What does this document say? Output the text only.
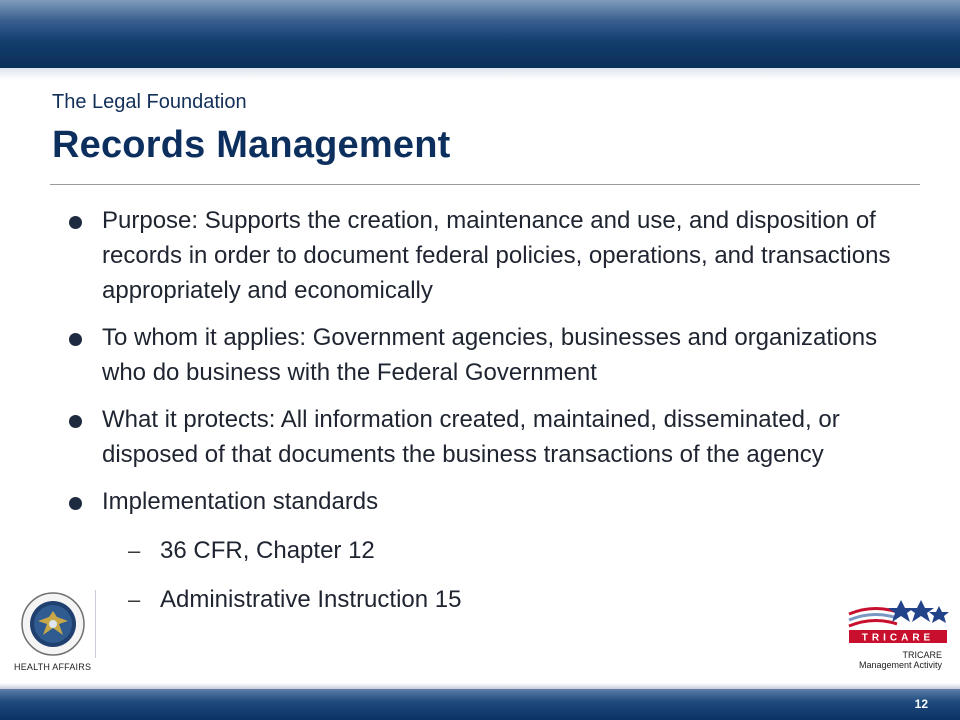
The Legal Foundation
Records Management
Purpose: Supports the creation, maintenance and use, and disposition of records in order to document federal policies, operations, and transactions appropriately and economically
To whom it applies: Government agencies, businesses and organizations who do business with the Federal Government
What it protects: All information created, maintained, disseminated, or disposed of that documents the business transactions of the agency
Implementation standards
– 36 CFR, Chapter 12
– Administrative Instruction 15
HEALTH AFFAIRS
TRICARE
TRICARE
Management Activity
12
